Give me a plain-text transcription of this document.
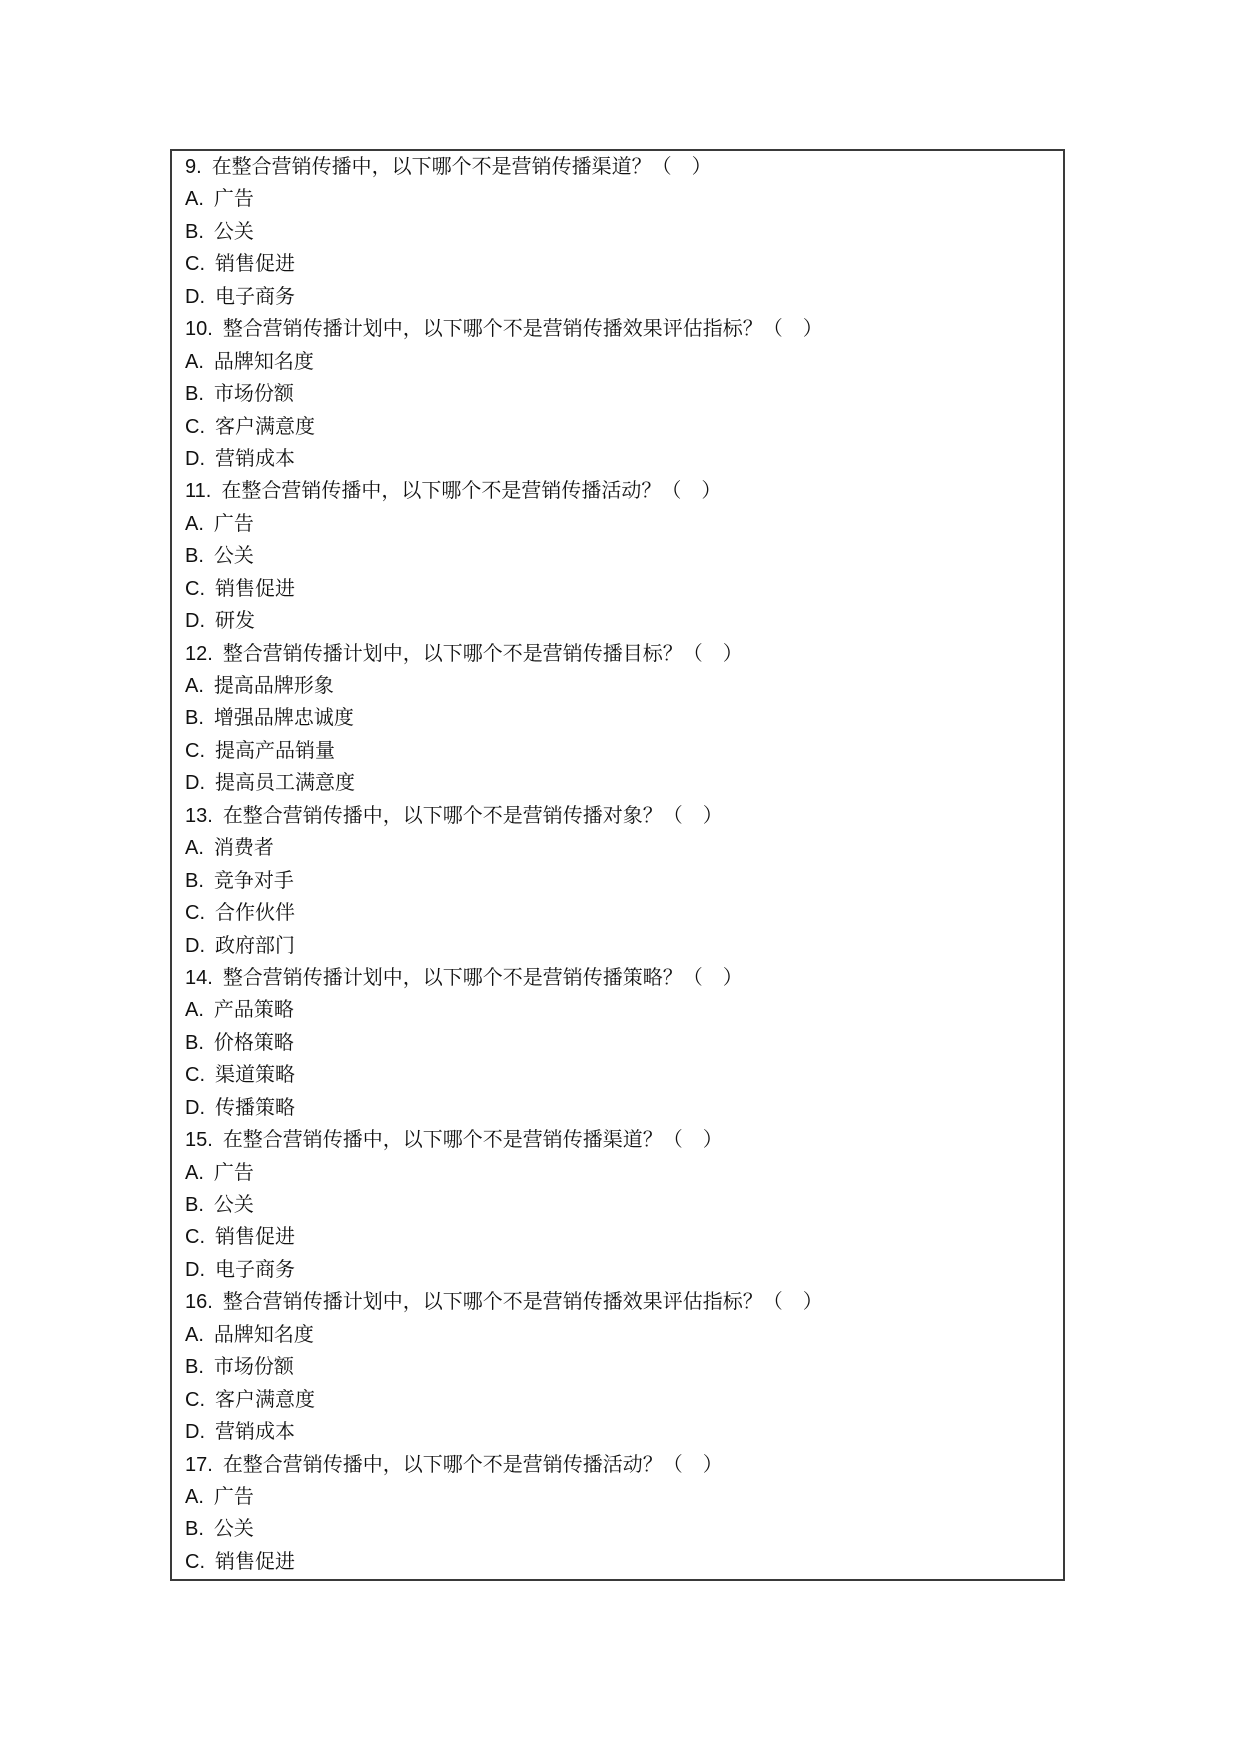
9. 在整合营销传播中，以下哪个不是营销传播渠道？（　）
A. 广告
B. 公关
C. 销售促进
D. 电子商务
10. 整合营销传播计划中，以下哪个不是营销传播效果评估指标？（　）
A. 品牌知名度
B. 市场份额
C. 客户满意度
D. 营销成本
11. 在整合营销传播中，以下哪个不是营销传播活动？（　）
A. 广告
B. 公关
C. 销售促进
D. 研发
12. 整合营销传播计划中，以下哪个不是营销传播目标？（　）
A. 提高品牌形象
B. 增强品牌忠诚度
C. 提高产品销量
D. 提高员工满意度
13. 在整合营销传播中，以下哪个不是营销传播对象？（　）
A. 消费者
B. 竞争对手
C. 合作伙伴
D. 政府部门
14. 整合营销传播计划中，以下哪个不是营销传播策略？（　）
A. 产品策略
B. 价格策略
C. 渠道策略
D. 传播策略
15. 在整合营销传播中，以下哪个不是营销传播渠道？（　）
A. 广告
B. 公关
C. 销售促进
D. 电子商务
16. 整合营销传播计划中，以下哪个不是营销传播效果评估指标？（　）
A. 品牌知名度
B. 市场份额
C. 客户满意度
D. 营销成本
17. 在整合营销传播中，以下哪个不是营销传播活动？（　）
A. 广告
B. 公关
C. 销售促进
